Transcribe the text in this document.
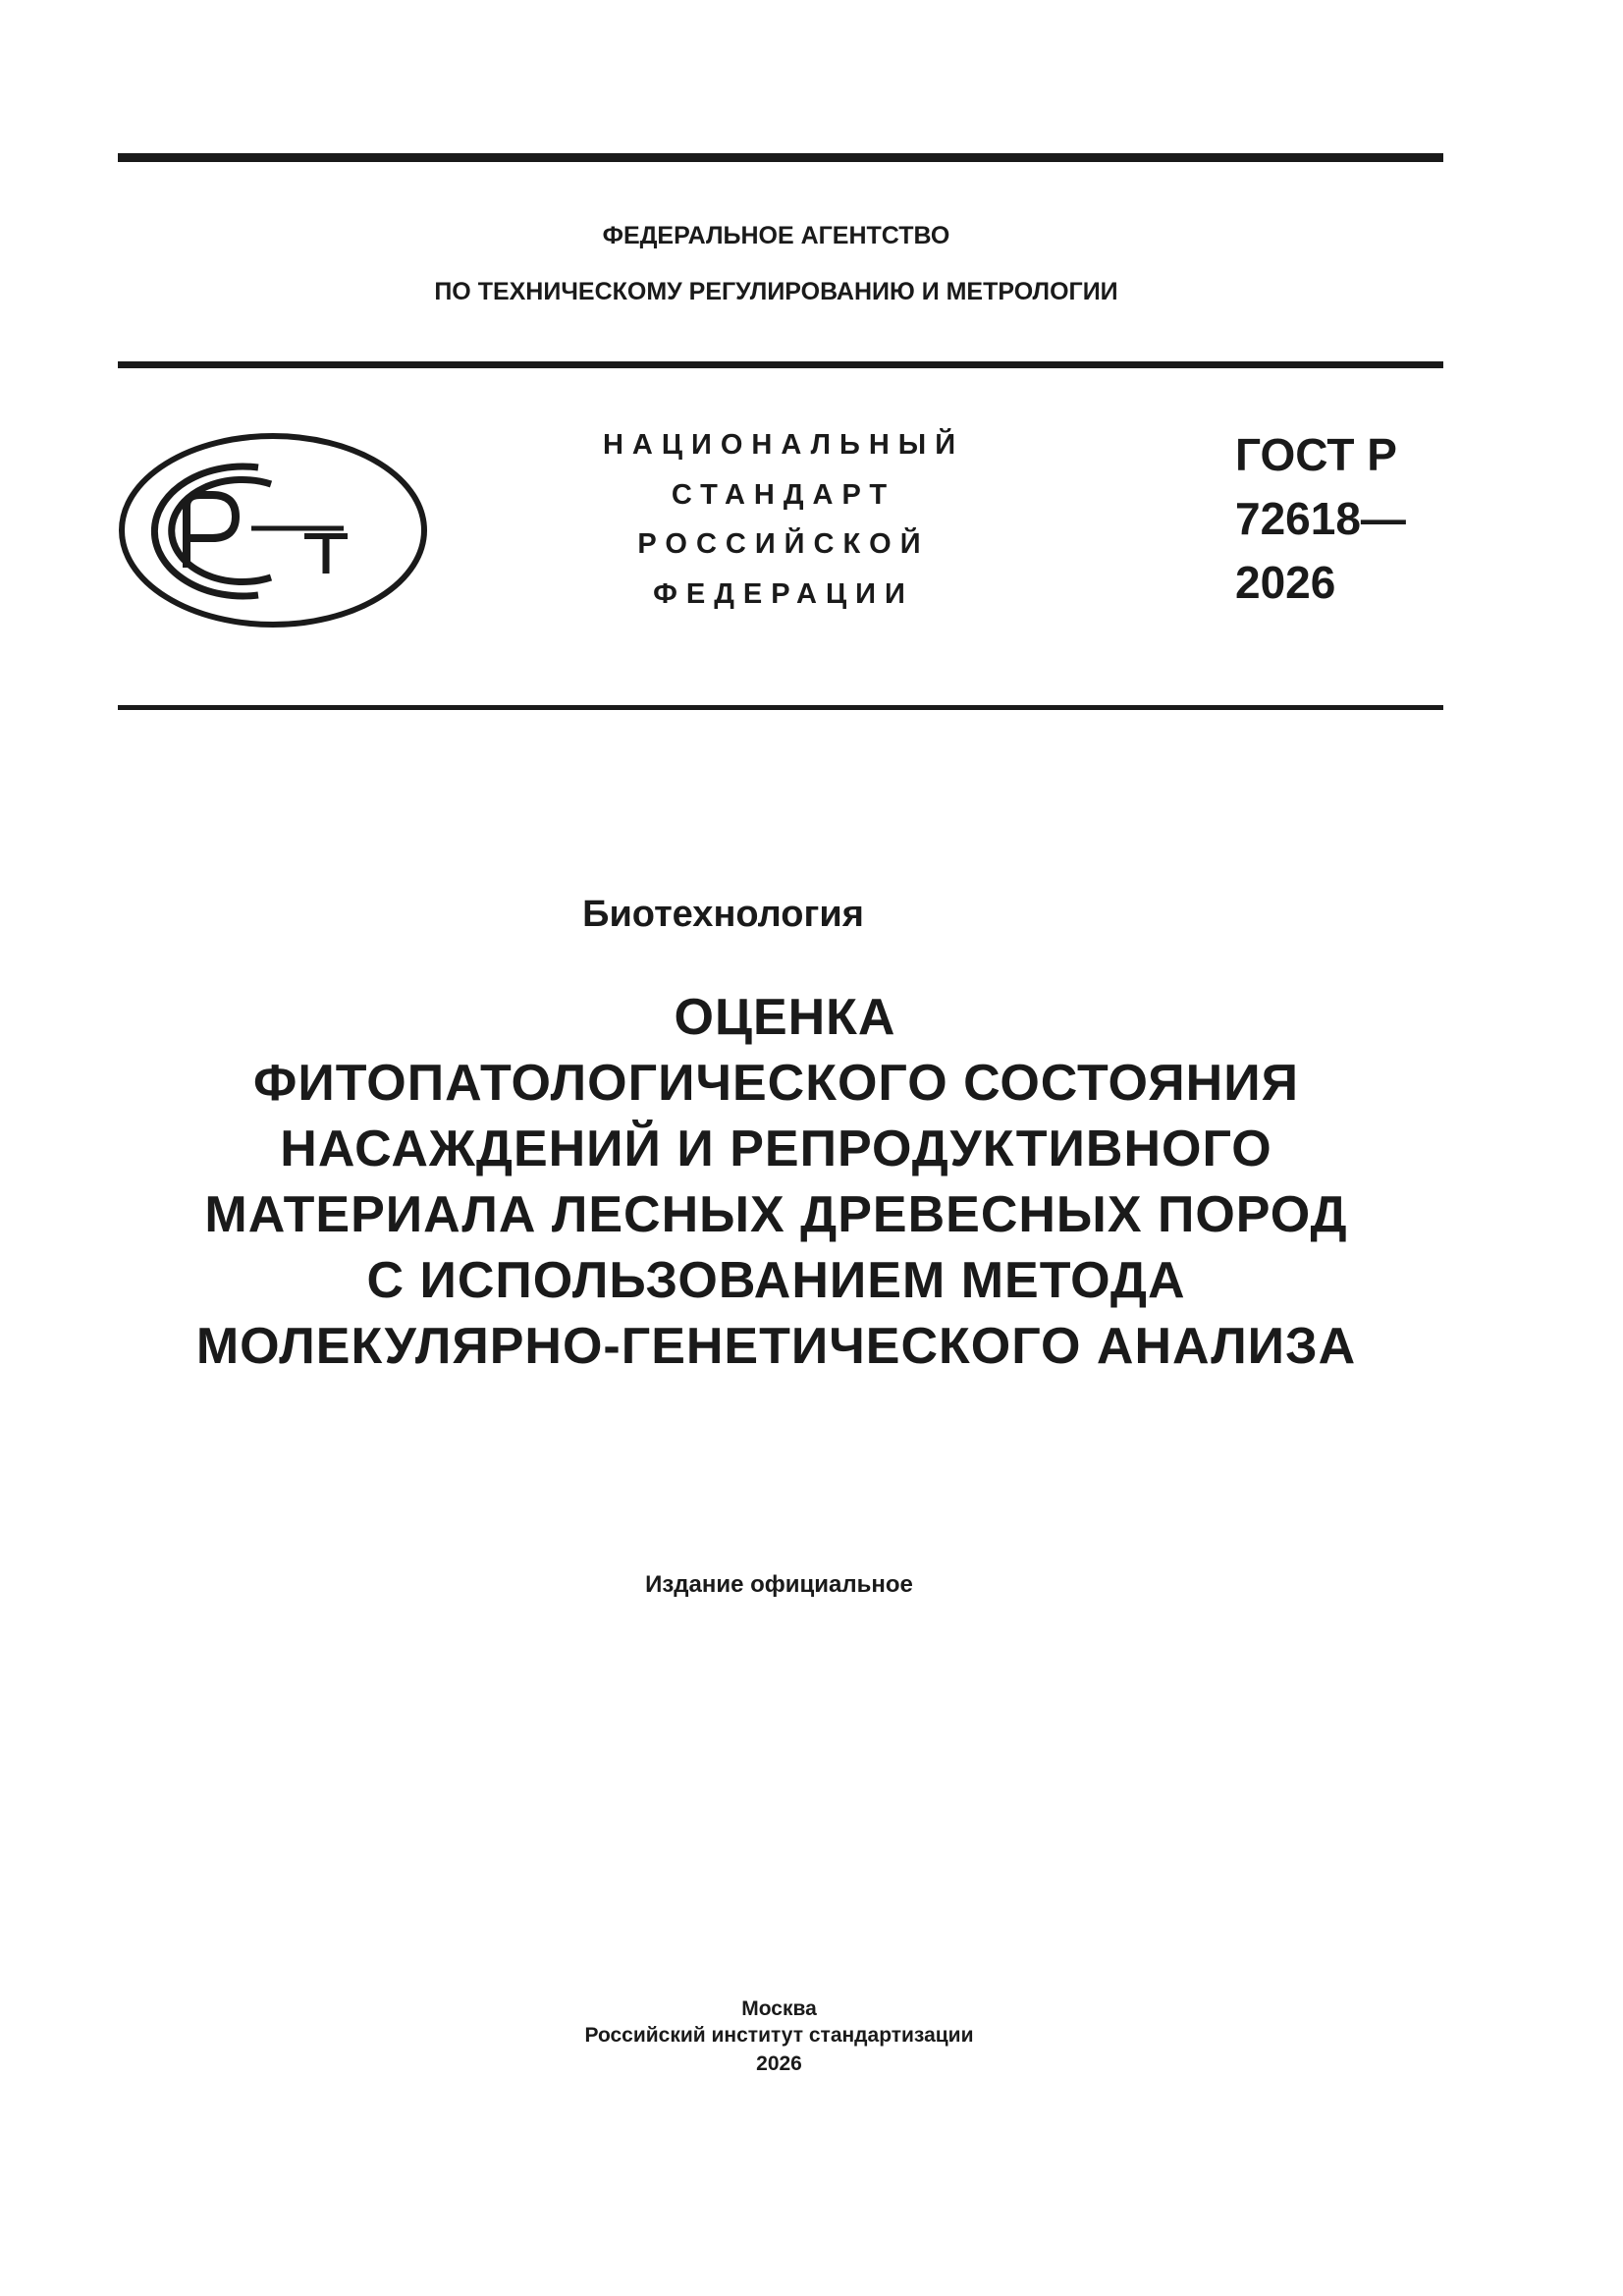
ФЕДЕРАЛЬНОЕ АГЕНТСТВО
ПО ТЕХНИЧЕСКОМУ РЕГУЛИРОВАНИЮ И МЕТРОЛОГИИ
НАЦИОНАЛЬНЫЙ
СТАНДАРТ
РОССИЙСКОЙ
ФЕДЕРАЦИИ
ГОСТ Р
72618—
2026
Биотехнология
ОЦЕНКА
ФИТОПАТОЛОГИЧЕСКОГО СОСТОЯНИЯ
НАСАЖДЕНИЙ И РЕПРОДУКТИВНОГО
МАТЕРИАЛА ЛЕСНЫХ ДРЕВЕСНЫХ ПОРОД
С ИСПОЛЬЗОВАНИЕМ МЕТОДА
МОЛЕКУЛЯРНО-ГЕНЕТИЧЕСКОГО АНАЛИЗА
Издание официальное
Москва
Российский институт стандартизации
2026
